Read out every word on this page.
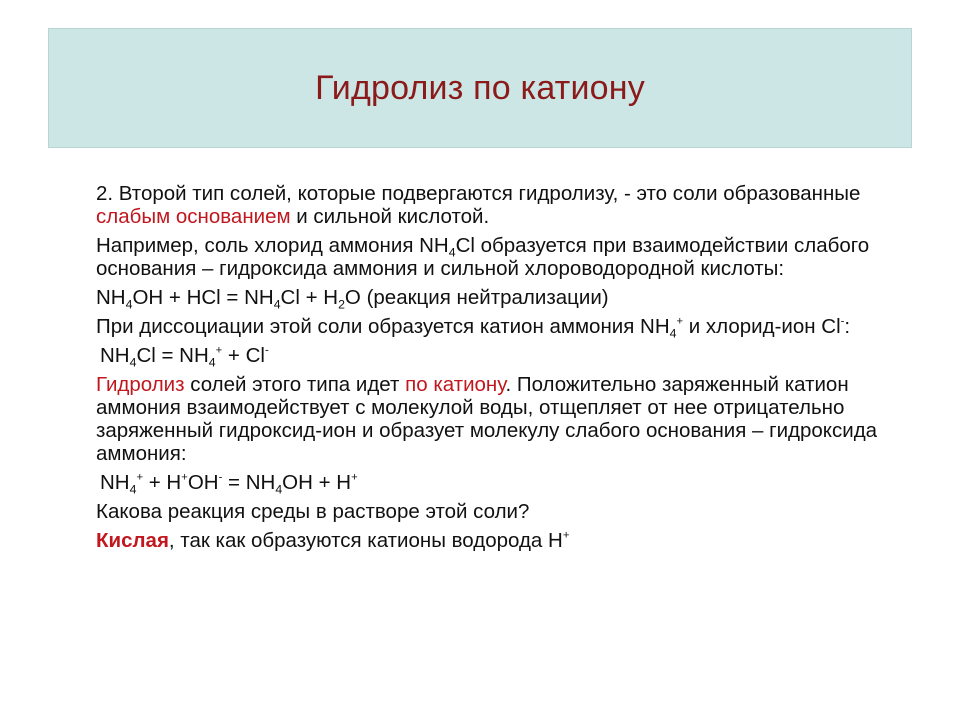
Гидролиз по катиону

2. Второй тип солей, которые подвергаются гидролизу, - это соли образованные слабым основанием и сильной кислотой.

Например, соль хлорид аммония $NH_4Cl$ образуется при взаимодействии слабого основания – гидроксида аммония и сильной хлороводородной кислоты:

$NH_4OH$ + HCl = $NH_4Cl + H_2O$ (реакция нейтрализации)

При диссоциации этой соли образуется катион аммония $NH_4^+$ и хлорид-ион Cl-:

$NH_4Cl = NH_4^+ + Cl^-$

Гидролиз солей этого типа идет по катиону. Положительно заряженный катион аммония взаимодействует с молекулой воды, отщепляет от нее отрицательно заряженный гидроксид-ион и образует молекулу слабого основания – гидроксида аммония:

$NH_4^+ + H^+OH^- = NH_4OH + H^+$

Какова реакция среды в растворе этой соли?

Кислая, так как образуются катионы водорода H+
